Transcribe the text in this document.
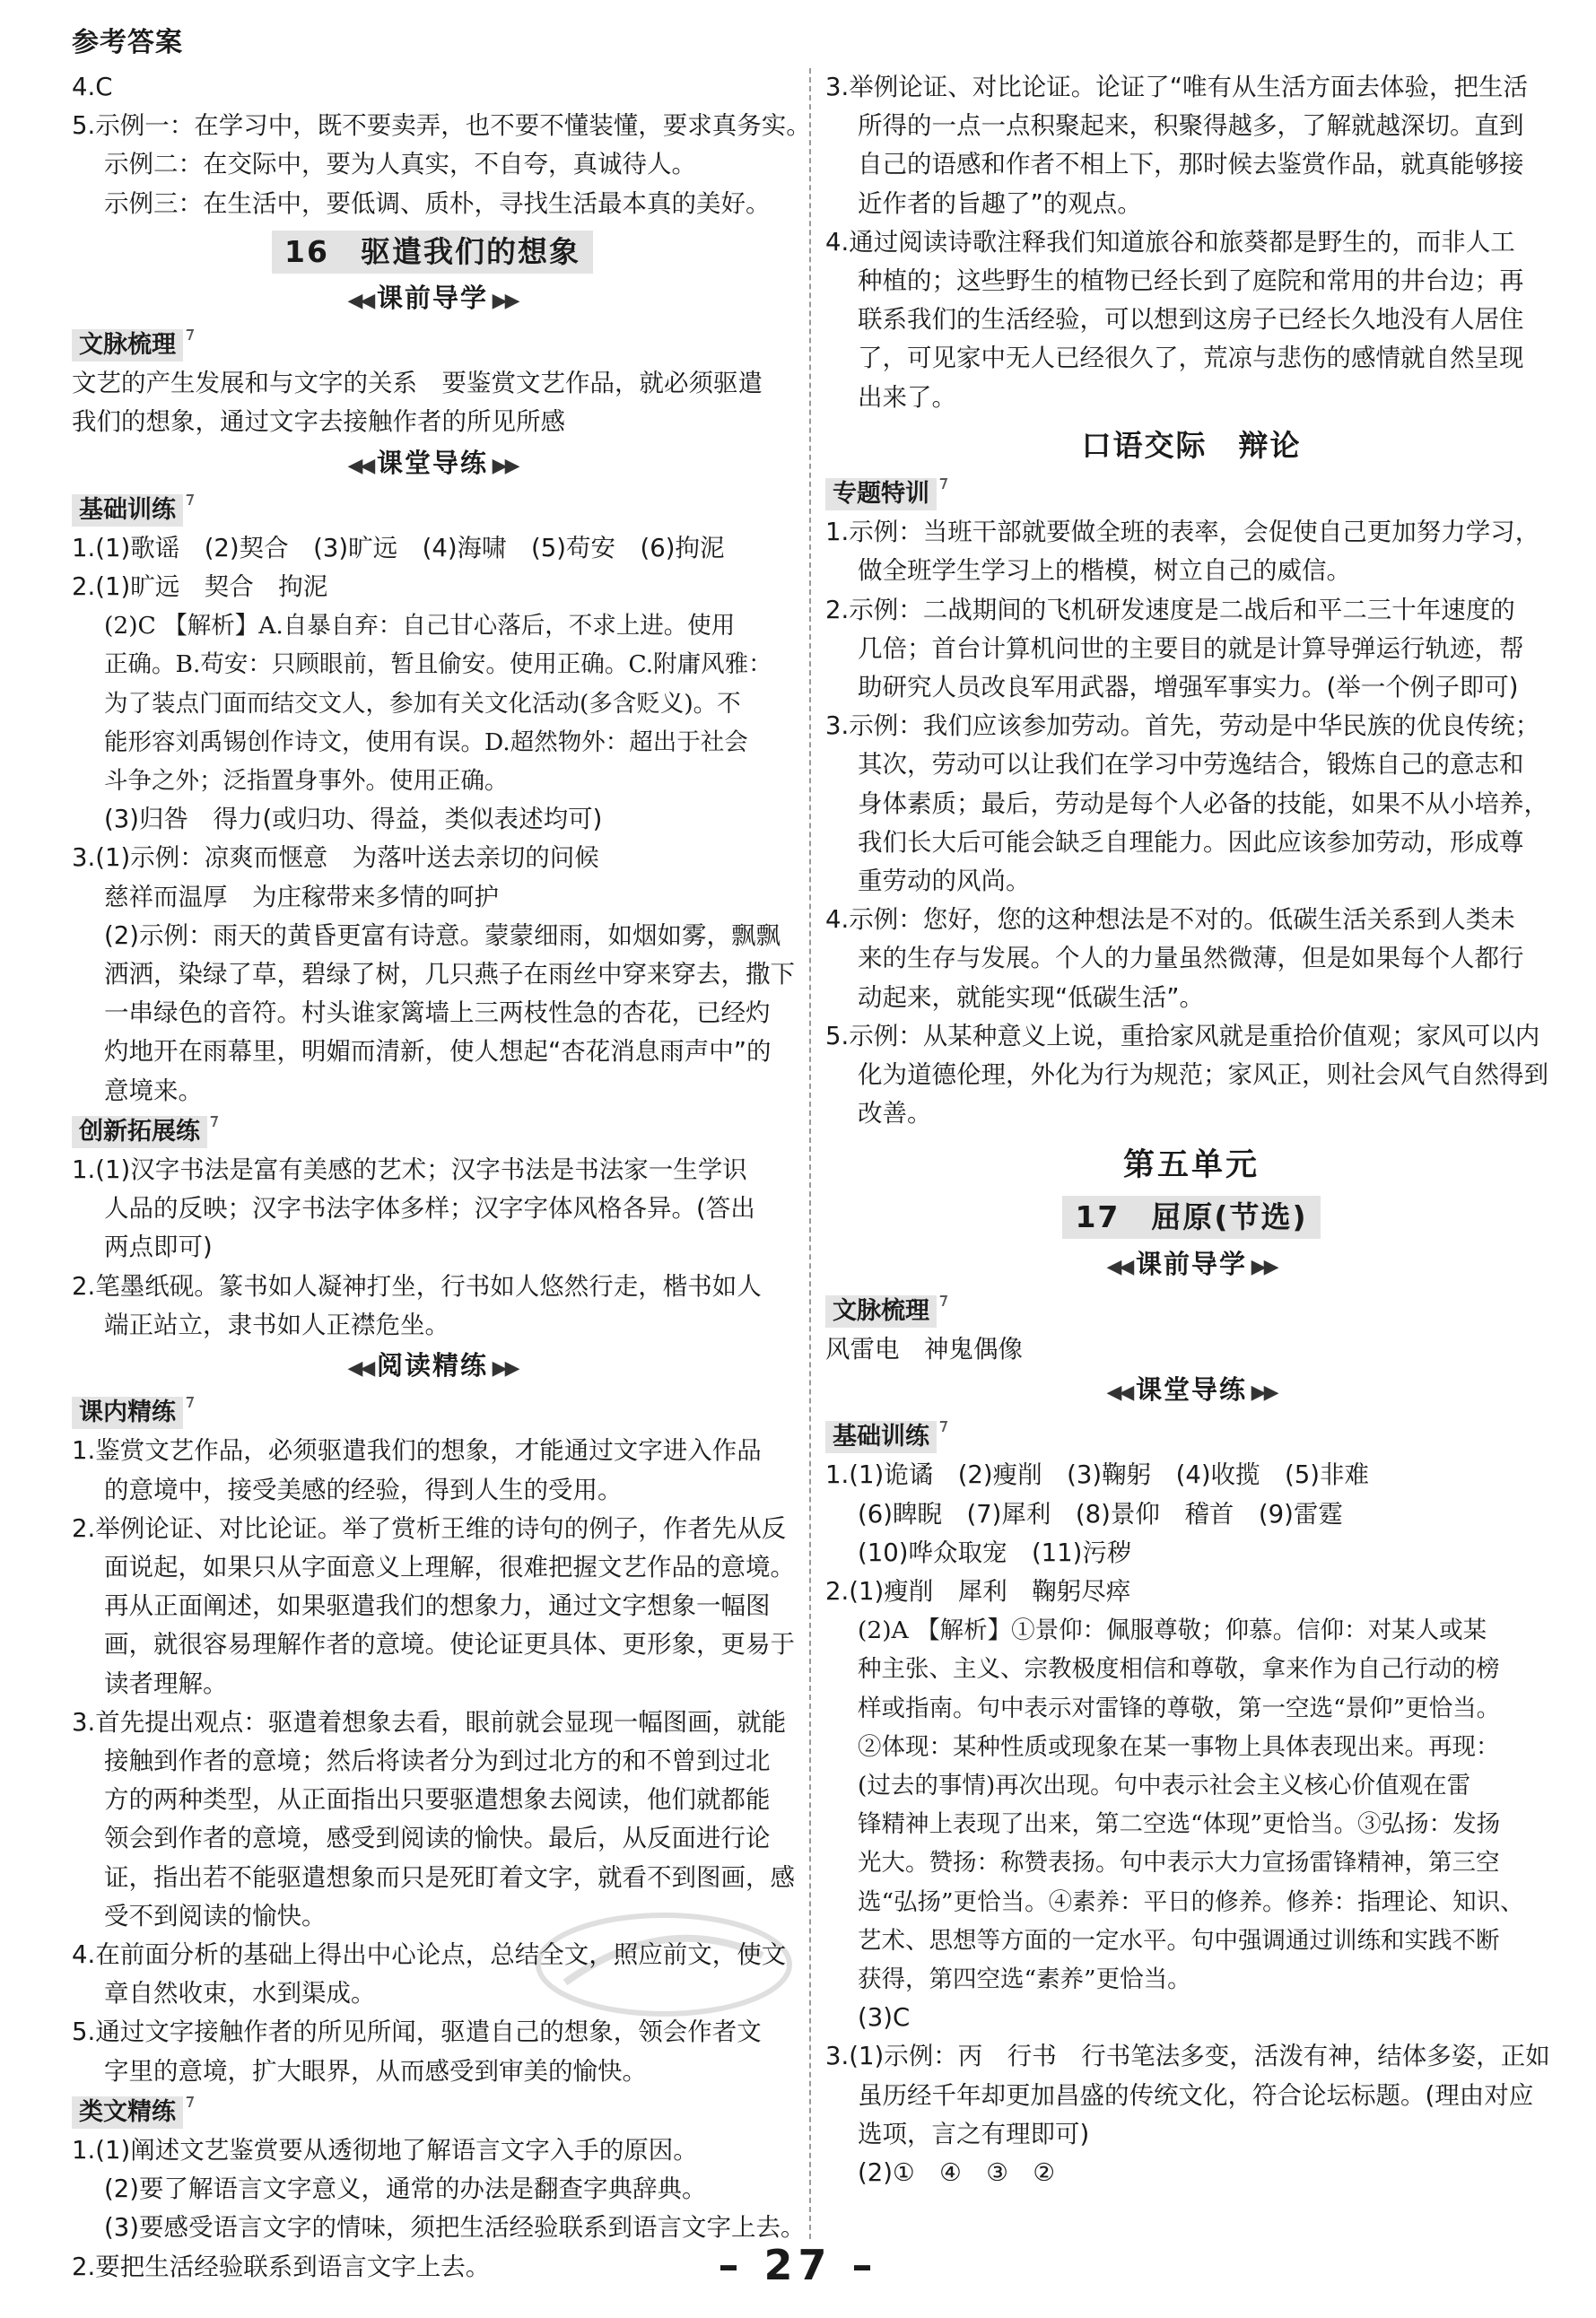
参考答案
4.C
5.示例一：在学习中，既不要卖弄，也不要不懂装懂，要求真务实。
示例二：在交际中，要为人真实，不自夸，真诚待人。
示例三：在生活中，要低调、质朴，寻找生活最本真的美好。
16　驱遣我们的想象
◀◀ 课前导学 ▶▶
文脉梳理
文艺的产生发展和与文字的关系　要鉴赏文艺作品，就必须驱遣
我们的想象，通过文字去接触作者的所见所感
◀◀ 课堂导练 ▶▶
基础训练
1.(1)歌谣　(2)契合　(3)旷远　(4)海啸　(5)苟安　(6)拘泥
2.(1)旷远　契合　拘泥
(2)C 【解析】A.自暴自弃：自己甘心落后，不求上进。使用
正确。B.苟安：只顾眼前，暂且偷安。使用正确。C.附庸风雅：
为了装点门面而结交文人，参加有关文化活动(多含贬义)。不
能形容刘禹锡创作诗文，使用有误。D.超然物外：超出于社会
斗争之外；泛指置身事外。使用正确。
(3)归咎　得力(或归功、得益，类似表述均可)
3.(1)示例：凉爽而惬意　为落叶送去亲切的问候
慈祥而温厚　为庄稼带来多情的呵护
(2)示例：雨天的黄昏更富有诗意。蒙蒙细雨，如烟如雾，飘飘
洒洒，染绿了草，碧绿了树，几只燕子在雨丝中穿来穿去，撒下
一串绿色的音符。村头谁家篱墙上三两枝性急的杏花，已经灼
灼地开在雨幕里，明媚而清新，使人想起“杏花消息雨声中”的
意境来。
创新拓展练
1.(1)汉字书法是富有美感的艺术；汉字书法是书法家一生学识
人品的反映；汉字书法字体多样；汉字字体风格各异。(答出
两点即可)
2.笔墨纸砚。篆书如人凝神打坐，行书如人悠然行走，楷书如人
端正站立，隶书如人正襟危坐。
◀◀ 阅读精练 ▶▶
课内精练
1.鉴赏文艺作品，必须驱遣我们的想象，才能通过文字进入作品
的意境中，接受美感的经验，得到人生的受用。
2.举例论证、对比论证。举了赏析王维的诗句的例子，作者先从反
面说起，如果只从字面意义上理解，很难把握文艺作品的意境。
再从正面阐述，如果驱遣我们的想象力，通过文字想象一幅图
画，就很容易理解作者的意境。使论证更具体、更形象，更易于
读者理解。
3.首先提出观点：驱遣着想象去看，眼前就会显现一幅图画，就能
接触到作者的意境；然后将读者分为到过北方的和不曾到过北
方的两种类型，从正面指出只要驱遣想象去阅读，他们就都能
领会到作者的意境，感受到阅读的愉快。最后，从反面进行论
证，指出若不能驱遣想象而只是死盯着文字，就看不到图画，感
受不到阅读的愉快。
4.在前面分析的基础上得出中心论点，总结全文，照应前文，使文
章自然收束，水到渠成。
5.通过文字接触作者的所见所闻，驱遣自己的想象，领会作者文
字里的意境，扩大眼界，从而感受到审美的愉快。
类文精练
1.(1)阐述文艺鉴赏要从透彻地了解语言文字入手的原因。
(2)要了解语言文字意义，通常的办法是翻查字典辞典。
(3)要感受语言文字的情味，须把生活经验联系到语言文字上去。
2.要把生活经验联系到语言文字上去。
3.举例论证、对比论证。论证了“唯有从生活方面去体验，把生活
所得的一点一点积聚起来，积聚得越多，了解就越深切。直到
自己的语感和作者不相上下，那时候去鉴赏作品，就真能够接
近作者的旨趣了”的观点。
4.通过阅读诗歌注释我们知道旅谷和旅葵都是野生的，而非人工
种植的；这些野生的植物已经长到了庭院和常用的井台边；再
联系我们的生活经验，可以想到这房子已经长久地没有人居住
了，可见家中无人已经很久了，荒凉与悲伤的感情就自然呈现
出来了。
口语交际　辩论
专题特训
1.示例：当班干部就要做全班的表率，会促使自己更加努力学习，
做全班学生学习上的楷模，树立自己的威信。
2.示例：二战期间的飞机研发速度是二战后和平二三十年速度的
几倍；首台计算机问世的主要目的就是计算导弹运行轨迹，帮
助研究人员改良军用武器，增强军事实力。(举一个例子即可)
3.示例：我们应该参加劳动。首先，劳动是中华民族的优良传统；
其次，劳动可以让我们在学习中劳逸结合，锻炼自己的意志和
身体素质；最后，劳动是每个人必备的技能，如果不从小培养，
我们长大后可能会缺乏自理能力。因此应该参加劳动，形成尊
重劳动的风尚。
4.示例：您好，您的这种想法是不对的。低碳生活关系到人类未
来的生存与发展。个人的力量虽然微薄，但是如果每个人都行
动起来，就能实现“低碳生活”。
5.示例：从某种意义上说，重拾家风就是重拾价值观；家风可以内
化为道德伦理，外化为行为规范；家风正，则社会风气自然得到
改善。
第五单元
17　屈原(节选)
◀◀ 课前导学 ▶▶
文脉梳理
风雷电　神鬼偶像
◀◀ 课堂导练 ▶▶
基础训练
1.(1)诡谲　(2)瘦削　(3)鞠躬　(4)收揽　(5)非难
(6)睥睨　(7)犀利　(8)景仰　稽首　(9)雷霆
(10)哗众取宠　(11)污秽
2.(1)瘦削　犀利　鞠躬尽瘁
(2)A 【解析】①景仰：佩服尊敬；仰慕。信仰：对某人或某
种主张、主义、宗教极度相信和尊敬，拿来作为自己行动的榜
样或指南。句中表示对雷锋的尊敬，第一空选“景仰”更恰当。
②体现：某种性质或现象在某一事物上具体表现出来。再现：
(过去的事情)再次出现。句中表示社会主义核心价值观在雷
锋精神上表现了出来，第二空选“体现”更恰当。③弘扬：发扬
光大。赞扬：称赞表扬。句中表示大力宣扬雷锋精神，第三空
选“弘扬”更恰当。④素养：平日的修养。修养：指理论、知识、
艺术、思想等方面的一定水平。句中强调通过训练和实践不断
获得，第四空选“素养”更恰当。
(3)C
3.(1)示例：丙　行书　行书笔法多变，活泼有神，结体多姿，正如
虽历经千年却更加昌盛的传统文化，符合论坛标题。(理由对应
选项，言之有理即可)
(2)①　④　③　②
– 27 –
